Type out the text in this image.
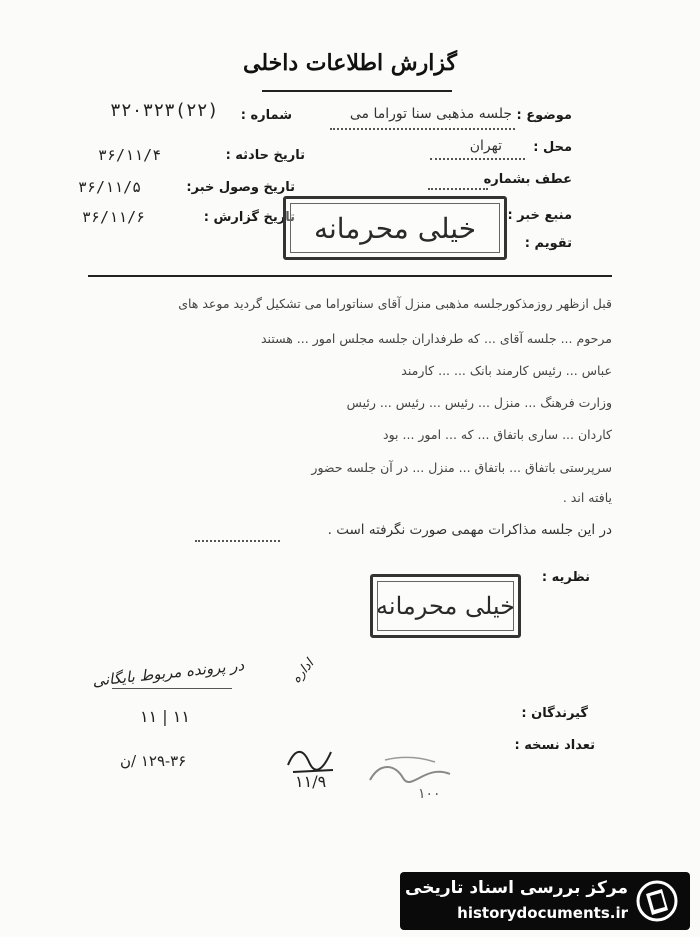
گزارش اطلاعات داخلی
موضوع :
جلسه مذهبی سنا توراما می
شماره :
۳۲۰۳۲۳(۲۲)
محل :
تهران
تاریخ حادثه :
۳۶/۱۱/۴
عطف بشماره
تاریخ وصول خبر:
۳۶/۱۱/۵
منبع خبر :
تاریخ گزارش :
۳۶/۱۱/۶
تقویم :
خیلی محرمانه
قبل ازظهر روزمذکورجلسه مذهبی منزل آقای سناتوراما می تشکیل گردید موعد های
مرحوم ... جلسه آقای ... که طرفداران جلسه مجلس امور ... هستند
عباس ... رئیس کارمند بانک ... ... کارمند
وزارت فرهنگ ... منزل ... رئیس ... رئیس ... رئیس
کاردان ... ساری باتفاق ... که ... امور ... بود
سرپرستی باتفاق ... باتفاق ... منزل ... در آن جلسه حضور
یافته اند .
در این جلسه مذاکرات مهمی صورت نگرفته است .
نظریه :
خیلی محرمانه
در پرونده مربوط بایگانی
۱۱ | ۱۱
۱۲۹-۳۶ /ن
اداره
۱۱/۹
۱۰۰
گیرندگان :
تعداد نسخه :
مرکز بررسی اسناد تاریخی
historydocuments.ir
